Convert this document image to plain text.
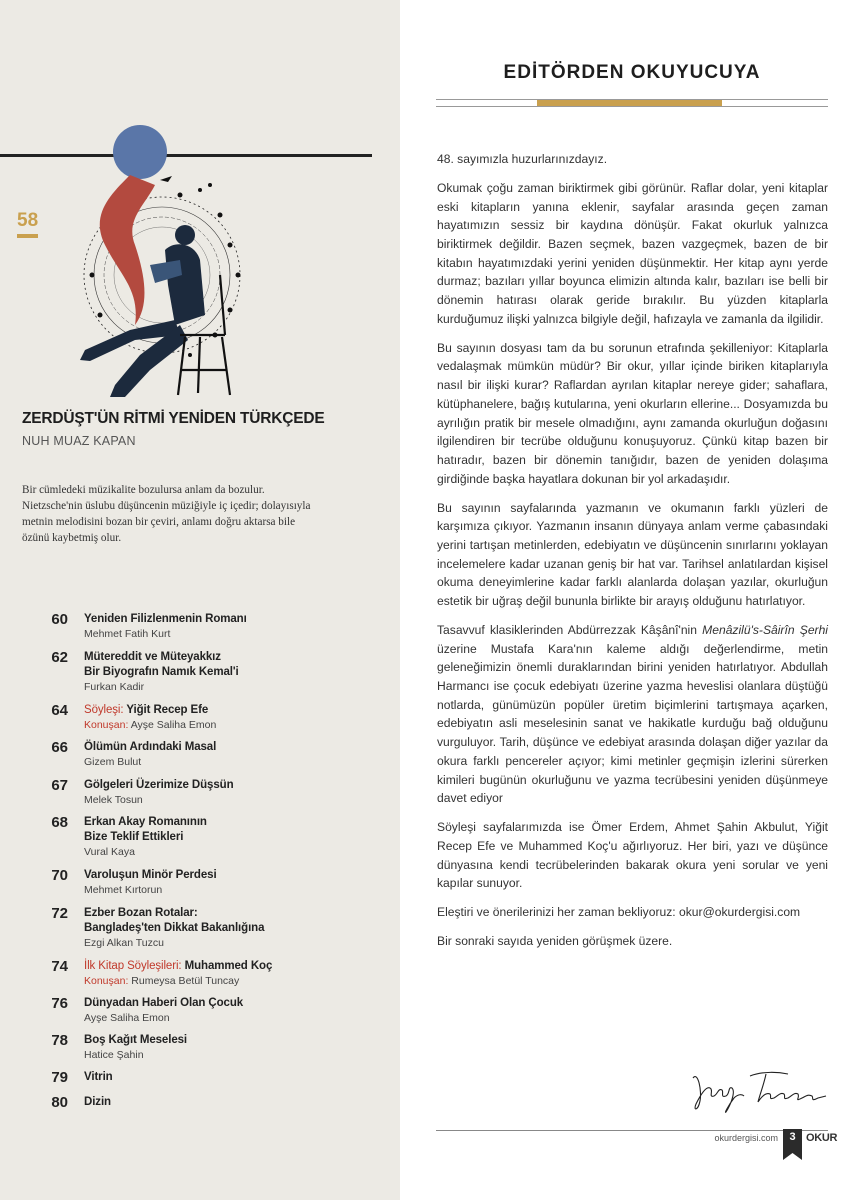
58
ZERDÜŞT'ÜN RİTMİ YENİDEN TÜRKÇEDE
NUH MUAZ KAPAN
Bir cümledeki müzikalite bozulursa anlam da bozulur. Nietzsche'nin üslubu düşüncenin müziğiyle iç içedir; dolayısıyla metnin melodisini bozan bir çeviri, anlamı doğru aktarsa bile özünü kaybetmiş olur.
60 Yeniden Filizlenmenin Romanı
Mehmet Fatih Kurt
62 Mütereddit ve Müteyakkız
Bir Biyografın Namık Kemal'i
Furkan Kadir
64 Söyleşi: Yiğit Recep Efe
Konuşan: Ayşe Saliha Emon
66 Ölümün Ardındaki Masal
Gizem Bulut
67 Gölgeleri Üzerimize Düşsün
Melek Tosun
68 Erkan Akay Romanının
Bize Teklif Ettikleri
Vural Kaya
70 Varoluşun Minör Perdesi
Mehmet Kırtorun
72 Ezber Bozan Rotalar:
Bangladeş'ten Dikkat Bakanlığına
Ezgi Alkan Tuzcu
74 İlk Kitap Söyleşileri: Muhammed Koç
Konuşan: Rumeysa Betül Tuncay
76 Dünyadan Haberi Olan Çocuk
Ayşe Saliha Emon
78 Boş Kağıt Meselesi
Hatice Şahin
79 Vitrin
80 Dizin
EDİTÖRDEN OKUYUCUYA

48. sayımızla huzurlarınızdayız.

Okumak çoğu zaman biriktirmek gibi görünür. Raflar dolar, yeni kitaplar eski kitapların yanına eklenir, sayfalar arasında geçen zaman hayatımızın sessiz bir kaydına dönüşür. Fakat okurluk yalnızca biriktirmek değildir. Bazen seçmek, bazen vazgeçmek, bazen de bir kitabın hayatımızdaki yerini yeniden düşünmektir. Her kitap aynı yerde durmaz; bazıları yıllar boyunca elimizin altında kalır, bazıları ise belli bir dönemin hatırası olarak geride bırakılır. Bu yüzden kitaplarla kurduğumuz ilişki yalnızca bilgiyle değil, hafızayla ve zamanla da ilgilidir.

Bu sayının dosyası tam da bu sorunun etrafında şekilleniyor: Kitaplarla vedalaşmak mümkün müdür? Bir okur, yıllar içinde biriken kitaplarıyla nasıl bir ilişki kurar? Raflardan ayrılan kitaplar nereye gider; sahaflara, kütüphanelere, bağış kutularına, yeni okurların ellerine... Dosyamızda bu ayrılığın pratik bir mesele olmadığını, aynı zamanda okurluğun doğasını ilgilendiren bir tecrübe olduğunu konuşuyoruz. Çünkü kitap bazen bir hatıradır, bazen bir dönemin tanığıdır, bazen de yeniden dolaşıma girdiğinde başka hayatlara dokunan bir yol arkadaşıdır.

Bu sayının sayfalarında yazmanın ve okumanın farklı yüzleri de karşımıza çıkıyor. Yazmanın insanın dünyaya anlam verme çabasındaki yerini tartışan metinlerden, edebiyatın ve düşüncenin sınırlarını yoklayan incelemelere kadar uzanan geniş bir hat var. Tarihsel anlatılardan kişisel okuma deneyimlerine kadar farklı alanlarda dolaşan yazılar, okurluğun estetik bir uğraş değil bununla birlikte bir arayış olduğunu hatırlatıyor.

Tasavvuf klasiklerinden Abdürrezzak Kâşânî'nin Menâzilü's-Sâirîn Şerhi üzerine Mustafa Kara'nın kaleme aldığı değerlendirme, metin geleneğimizin önemli duraklarından birini yeniden hatırlatıyor. Abdullah Harmancı ise çocuk edebiyatı üzerine yazma heveslisi olanlara düştüğü notlarda, günümüzün popüler üretim biçimlerini tartışmaya açarken, edebiyatın asli meselesinin sanat ve hakikatle kurduğu bağ olduğunu vurguluyor. Tarih, düşünce ve edebiyat arasında dolaşan diğer yazılar da okura farklı pencereler açıyor; kimi metinler geçmişin izlerini sürerken kimileri bugünün okurluğunu ve yazma tecrübesini yeniden düşünmeye davet ediyor

Söyleşi sayfalarımızda ise Ömer Erdem, Ahmet Şahin Akbulut, Yiğit Recep Efe ve Muhammed Koç'u ağırlıyoruz. Her biri, yazı ve düşünce dünyasına kendi tecrübelerinden bakarak okura yeni sorular ve yeni kapılar sunuyor.

Eleştiri ve önerilerinizi her zaman bekliyoruz: okur@okurdergisi.com

Bir sonraki sayıda yeniden görüşmek üzere.

okurdergisi.com	3 OKUR
